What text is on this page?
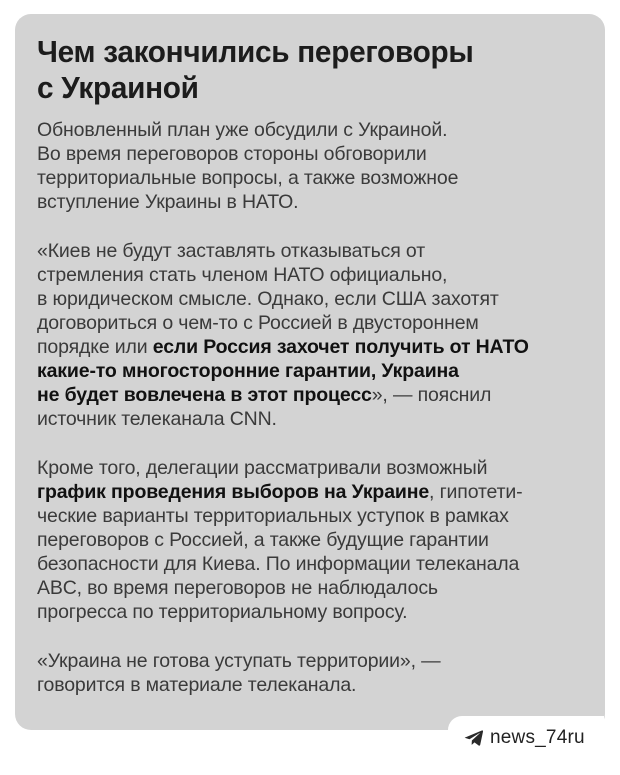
Чем закончились переговоры
с Украиной

Обновленный план уже обсудили с Украиной.
Во время переговоров стороны обговорили
территориальные вопросы, а также возможное
вступление Украины в НАТО.

«Киев не будут заставлять отказываться от
стремления стать членом НАТО официально,
в юридическом смысле. Однако, если США захотят
договориться о чем-то с Россией в двустороннем
порядке или если Россия захочет получить от НАТО
какие-то многосторонние гарантии, Украина
не будет вовлечена в этот процесс», — пояснил
источник телеканала CNN.

Кроме того, делегации рассматривали возможный
график проведения выборов на Украине, гипотети-
ческие варианты территориальных уступок в рамках
переговоров с Россией, а также будущие гарантии
безопасности для Киева. По информации телеканала
ABC, во время переговоров не наблюдалось
прогресса по территориальному вопросу.

«Украина не готова уступать территории», —
говорится в материале телеканала.

news_74ru
